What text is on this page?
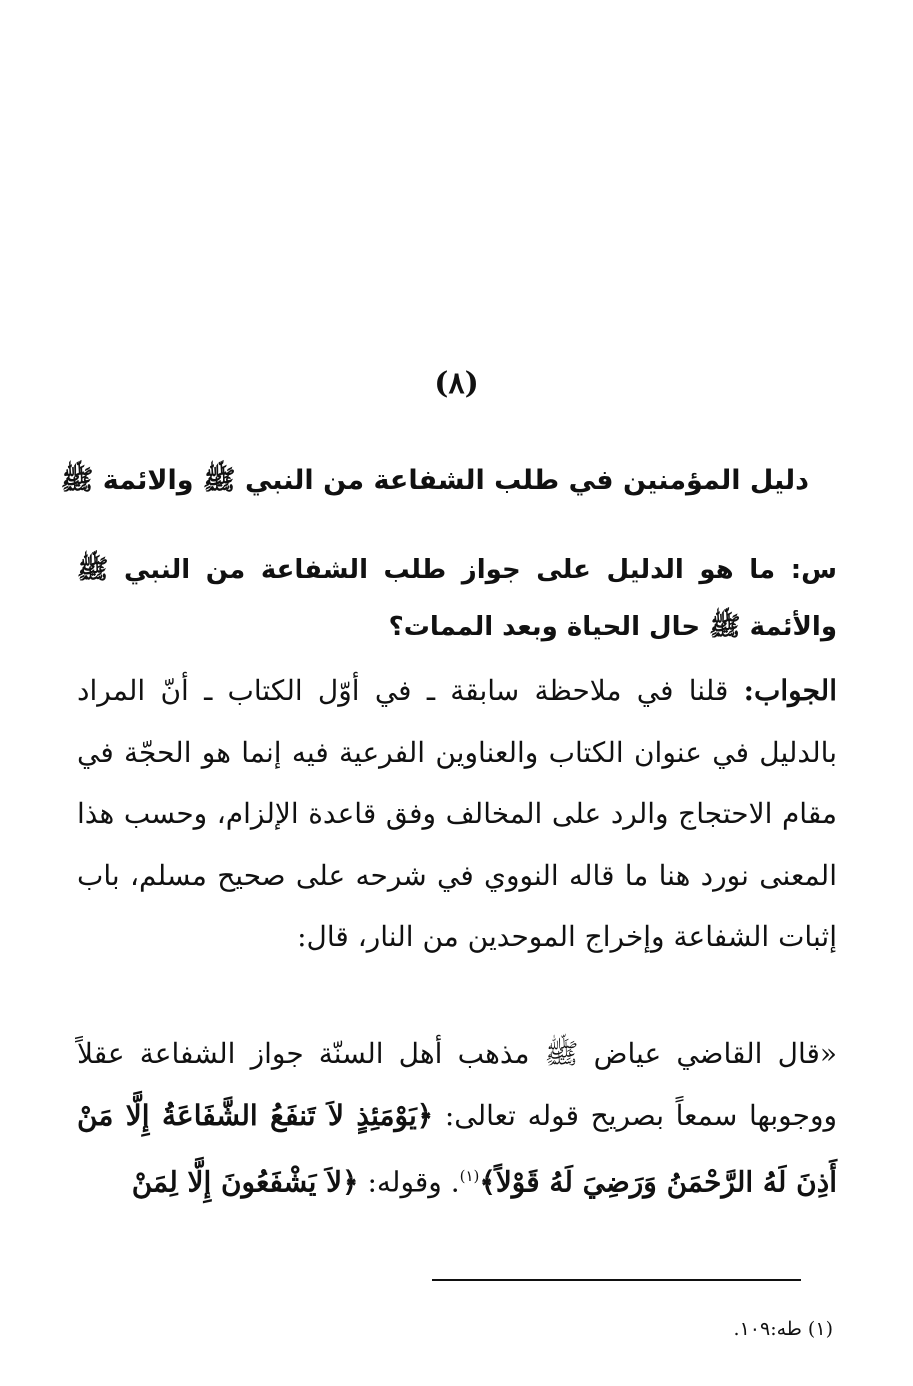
(٨)
دليل المؤمنين في طلب الشفاعة من النبي ﷺ والائمة ﷺ
س: ما هو الدليل على جواز طلب الشفاعة من النبي ﷺ والأئمة ﷺ حال الحياة وبعد الممات؟
الجواب: قلنا في ملاحظة سابقة ـ في أوّل الكتاب ـ أنّ المراد بالدليل في عنوان الكتاب والعناوين الفرعية فيه إنما هو الحجّة في مقام الاحتجاج والرد على المخالف وفق قاعدة الإلزام، وحسب هذا المعنى نورد هنا ما قاله النووي في شرحه على صحيح مسلم، باب إثبات الشفاعة وإخراج الموحدين من النار، قال:
«قال القاضي عياض ﷺ مذهب أهل السنّة جواز الشفاعة عقلاً ووجوبها سمعاً بصريح قوله تعالى: ﴿يَوْمَئِذٍ لاَ تَنفَعُ الشَّفَاعَةُ إِلَّا مَنْ أَذِنَ لَهُ الرَّحْمَنُ وَرَضِيَ لَهُ قَوْلاً﴾$^{(١)}$. وقوله: ﴿لاَ يَشْفَعُونَ إِلَّا لِمَنْ
(١) طه:١٠٩.
